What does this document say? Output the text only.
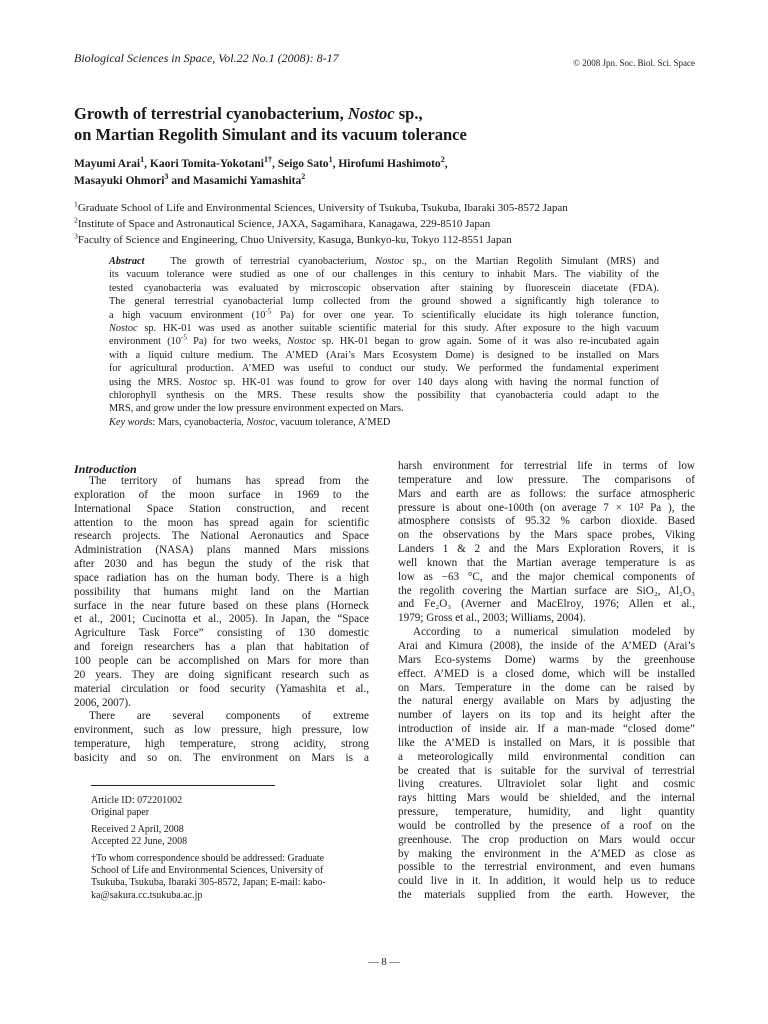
Biological Sciences in Space, Vol.22 No.1 (2008): 8-17	© 2008 Jpn. Soc. Biol. Sci. Space
Growth of terrestrial cyanobacterium, Nostoc sp.,
on Martian Regolith Simulant and its vacuum tolerance
Mayumi Arai$^1$, Kaori Tomita-Yokotani$^{1\dagger}$, Seigo Sato$^1$, Hirofumi Hashimoto$^2$,
Masayuki Ohmori$^3$ and Masamichi Yamashita$^2$
$^1$Graduate School of Life and Environmental Sciences, University of Tsukuba, Tsukuba, Ibaraki 305-8572 Japan
$^2$Institute of Space and Astronautical Science, JAXA, Sagamihara, Kanagawa, 229-8510 Japan
$^3$Faculty of Science and Engineering, Chuo University, Kasuga, Bunkyo-ku, Tokyo 112-8551 Japan
Abstract	The growth of terrestrial cyanobacterium, Nostoc sp., on the Martian Regolith Simulant (MRS) and
its vacuum tolerance were studied as one of our challenges in this century to inhabit Mars. The viability of the
tested cyanobacteria was evaluated by microscopic observation after staining by fluorescein diacetate (FDA).
The general terrestrial cyanobacterial lump collected from the ground showed a significantly high tolerance to
a high vacuum environment ($10^{-5}$ Pa) for over one year. To scientifically elucidate its high tolerance function,
Nostoc sp. HK-01 was used as another suitable scientific material for this study. After exposure to the high vacuum
environment ($10^{-5}$ Pa) for two weeks, Nostoc sp. HK-01 began to grow again. Some of it was also re-incubated again
with a liquid culture medium. The A’MED (Arai’s Mars Ecosystem Dome) is designed to be installed on Mars
for agricultural production. A’MED was useful to conduct our study. We performed the fundamental experiment
using the MRS. Nostoc sp. HK-01 was found to grow for over 140 days along with having the normal function of
chlorophyll synthesis on the MRS. These results show the possibility that cyanobacteria could adapt to the
MRS, and grow under the low pressure environment expected on Mars.
Key words: Mars, cyanobacteria, Nostoc, vacuum tolerance, A’MED
Introduction
The territory of humans has spread from the
exploration of the moon surface in 1969 to the
International Space Station construction, and recent
attention to the moon has spread again for scientific
research projects. The National Aeronautics and Space
Administration (NASA) plans manned Mars missions
after 2030 and has begun the study of the risk that
space radiation has on the human body. There is a high
possibility that humans might land on the Martian
surface in the near future based on these plans (Horneck
et al., 2001; Cucinotta et al., 2005). In Japan, the “Space
Agriculture Task Force” consisting of 130 domestic
and foreign researchers has a plan that habitation of
100 people can be accomplished on Mars for more than
20 years. They are doing significant research such as
material circulation or food security (Yamashita et al.,
2006, 2007).
There are several components of extreme
environment, such as low pressure, high pressure, low
temperature, high temperature, strong acidity, strong
basicity and so on. The environment on Mars is a
harsh environment for terrestrial life in terms of low
temperature and low pressure. The comparisons of
Mars and earth are as follows: the surface atmospheric
pressure is about one-100th (on average 7 × 10² Pa ), the
atmosphere consists of 95.32 % carbon dioxide. Based
on the observations by the Mars space probes, Viking
Landers 1 & 2 and the Mars Exploration Rovers, it is
well known that the Martian average temperature is as
low as −63 °C, and the major chemical components of
the regolith covering the Martian surface are SiO₂, Al₂O₃
and Fe₂O₃ (Averner and MacElroy, 1976; Allen et al.,
1979; Gross et al., 2003; Williams, 2004).
According to a numerical simulation modeled by
Arai and Kimura (2008), the inside of the A’MED (Arai’s
Mars Eco-systems Dome) warms by the greenhouse
effect. A’MED is a closed dome, which will be installed
on Mars. Temperature in the dome can be raised by
the natural energy available on Mars by adjusting the
number of layers on its top and its height after the
introduction of inside air. If a man-made “closed dome”
like the A’MED is installed on Mars, it is possible that
a meteorologically mild environmental condition can
be created that is suitable for the survival of terrestrial
living creatures. Ultraviolet solar light and cosmic
rays hitting Mars would be shielded, and the internal
pressure, temperature, humidity, and light quantity
would be controlled by the presence of a roof on the
greenhouse. The crop production on Mars would occur
by making the environment in the A’MED as close as
possible to the terrestrial environment, and even humans
could live in it. In addition, it would help us to reduce
the materials supplied from the earth. However, the
Article ID: 072201002
Original paper
Received 2 April, 2008
Accepted 22 June, 2008
†To whom correspondence should be addressed: Graduate
School of Life and Environmental Sciences, University of
Tsukuba, Tsukuba, Ibaraki 305-8572, Japan; E-mail: kabo-
ka@sakura.cc.tsukuba.ac.jp
— 8 —
